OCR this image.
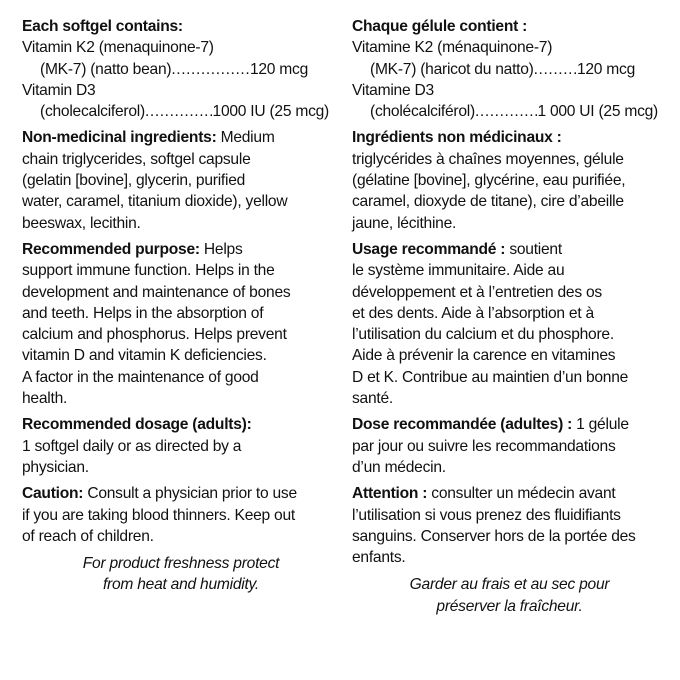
Each softgel contains:
Vitamin K2 (menaquinone-7)
(MK-7) (natto bean) .....	120 mcg
Vitamin D3
(cholecalciferol) .....	1000 IU (25 mcg)
Non-medicinal ingredients: Medium
chain triglycerides, softgel capsule
(gelatin [bovine], glycerin, purified
water, caramel, titanium dioxide), yellow
beeswax, lecithin.
Recommended purpose: Helps
support immune function. Helps in the
development and maintenance of bones
and teeth. Helps in the absorption of
calcium and phosphorus. Helps prevent
vitamin D and vitamin K deficiencies.
A factor in the maintenance of good
health.
Recommended dosage (adults):
1 softgel daily or as directed by a
physician.
Caution: Consult a physician prior to use
if you are taking blood thinners. Keep out
of reach of children.
For product freshness protect
from heat and humidity.
Chaque gélule contient :
Vitamine K2 (ménaquinone-7)
(MK-7) (haricot du natto) .....	120 mcg
Vitamine D3
(cholécalciférol) .....	1 000 UI (25 mcg)
Ingrédients non médicinaux :
triglycérides à chaînes moyennes, gélule
(gélatine [bovine], glycérine, eau purifiée,
caramel, dioxyde de titane), cire d’abeille
jaune, lécithine.
Usage recommandé : soutient
le système immunitaire. Aide au
développement et à l’entretien des os
et des dents. Aide à l’absorption et à
l’utilisation du calcium et du phosphore.
Aide à prévenir la carence en vitamines
D et K. Contribue au maintien d’un bonne
santé.
Dose recommandée (adultes) : 1 gélule
par jour ou suivre les recommandations
d’un médecin.
Attention : consulter un médecin avant
l’utilisation si vous prenez des fluidifiants
sanguins. Conserver hors de la portée des
enfants.
Garder au frais et au sec pour
préserver la fraîcheur.
